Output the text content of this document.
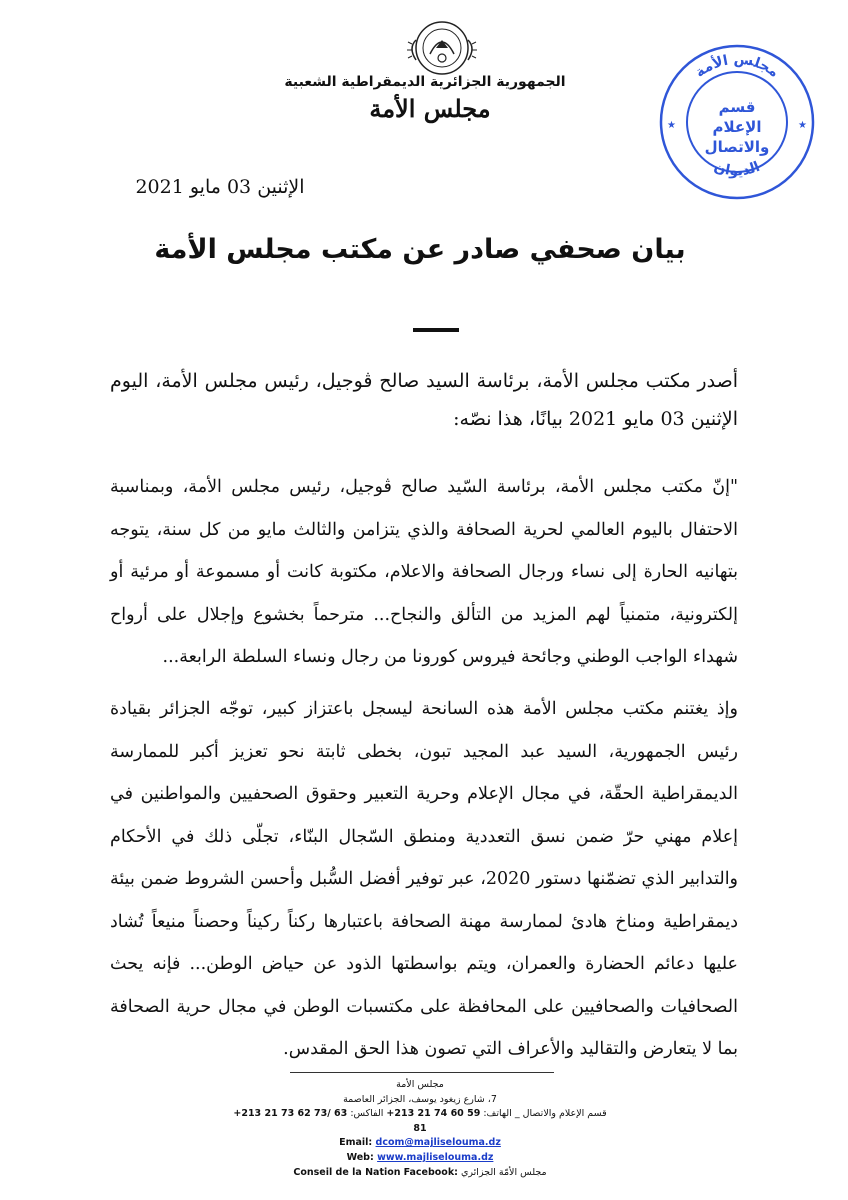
الجمهورية الجزائرية الديمقراطية الشعبية
مجلس الأمة
مجلس الأمة
الديوان
قسم
الإعلام
والاتصال
★	★
الإثنين 03 مايو 2021
بيان صحفي صادر عن مكتب مجلس الأمة
أصدر مكتب مجلس الأمة، برئاسة السيد صالح ڤوجيل، رئيس مجلس الأمة، اليوم الإثنين 03 مايو 2021 بيانًا، هذا نصّه:
"إنّ مكتب مجلس الأمة، برئاسة السّيد صالح ڤوجيل، رئيس مجلس الأمة، وبمناسبة الاحتفال باليوم العالمي لحرية الصحافة والذي يتزامن والثالث مايو من كل سنة، يتوجه بتهانيه الحارة إلى نساء ورجال الصحافة والاعلام، مكتوبة كانت أو مسموعة أو مرئية أو إلكترونية، متمنياً لهم المزيد من التألق والنجاح... مترحماً بخشوع وإجلال على أرواح شهداء الواجب الوطني وجائحة فيروس كورونا من رجال ونساء السلطة الرابعة...
وإذ يغتنم مكتب مجلس الأمة هذه السانحة ليسجل باعتزاز كبير، توجّه الجزائر بقيادة رئيس الجمهورية، السيد عبد المجيد تبون، بخطى ثابتة نحو تعزيز أكبر للممارسة الديمقراطية الحقّة، في مجال الإعلام وحرية التعبير وحقوق الصحفيين والمواطنين في إعلام مهني حرّ ضمن نسق التعددية ومنطق السّجال البنّاء، تجلّى ذلك في الأحكام والتدابير الذي تضمّنها دستور 2020، عبر توفير أفضل السُّبل وأحسن الشروط ضمن بيئة ديمقراطية ومناخ هادئ لممارسة مهنة الصحافة باعتبارها ركناً ركيناً وحصناً منيعاً تُشاد عليها دعائم الحضارة والعمران، ويتم بواسطتها الذود عن حياض الوطن... فإنه يحث الصحافيات والصحافيين على المحافظة على مكتسبات الوطن في مجال حرية الصحافة بما لا يتعارض والتقاليد والأعراف التي تصون هذا الحق المقدس.
مجلس الأمة
7، شارع زيغود يوسف، الجزائر العاصمة
قسم الإعلام والاتصال _ الهاتف: +213 21 74 60 59 الفاكس: +213 21 73 62 73/ 63 81
Email: dcom@majliselouma.dz
Web: www.majliselouma.dz
مجلس الأمّة الجزائري Facebook: Conseil de la Nation
